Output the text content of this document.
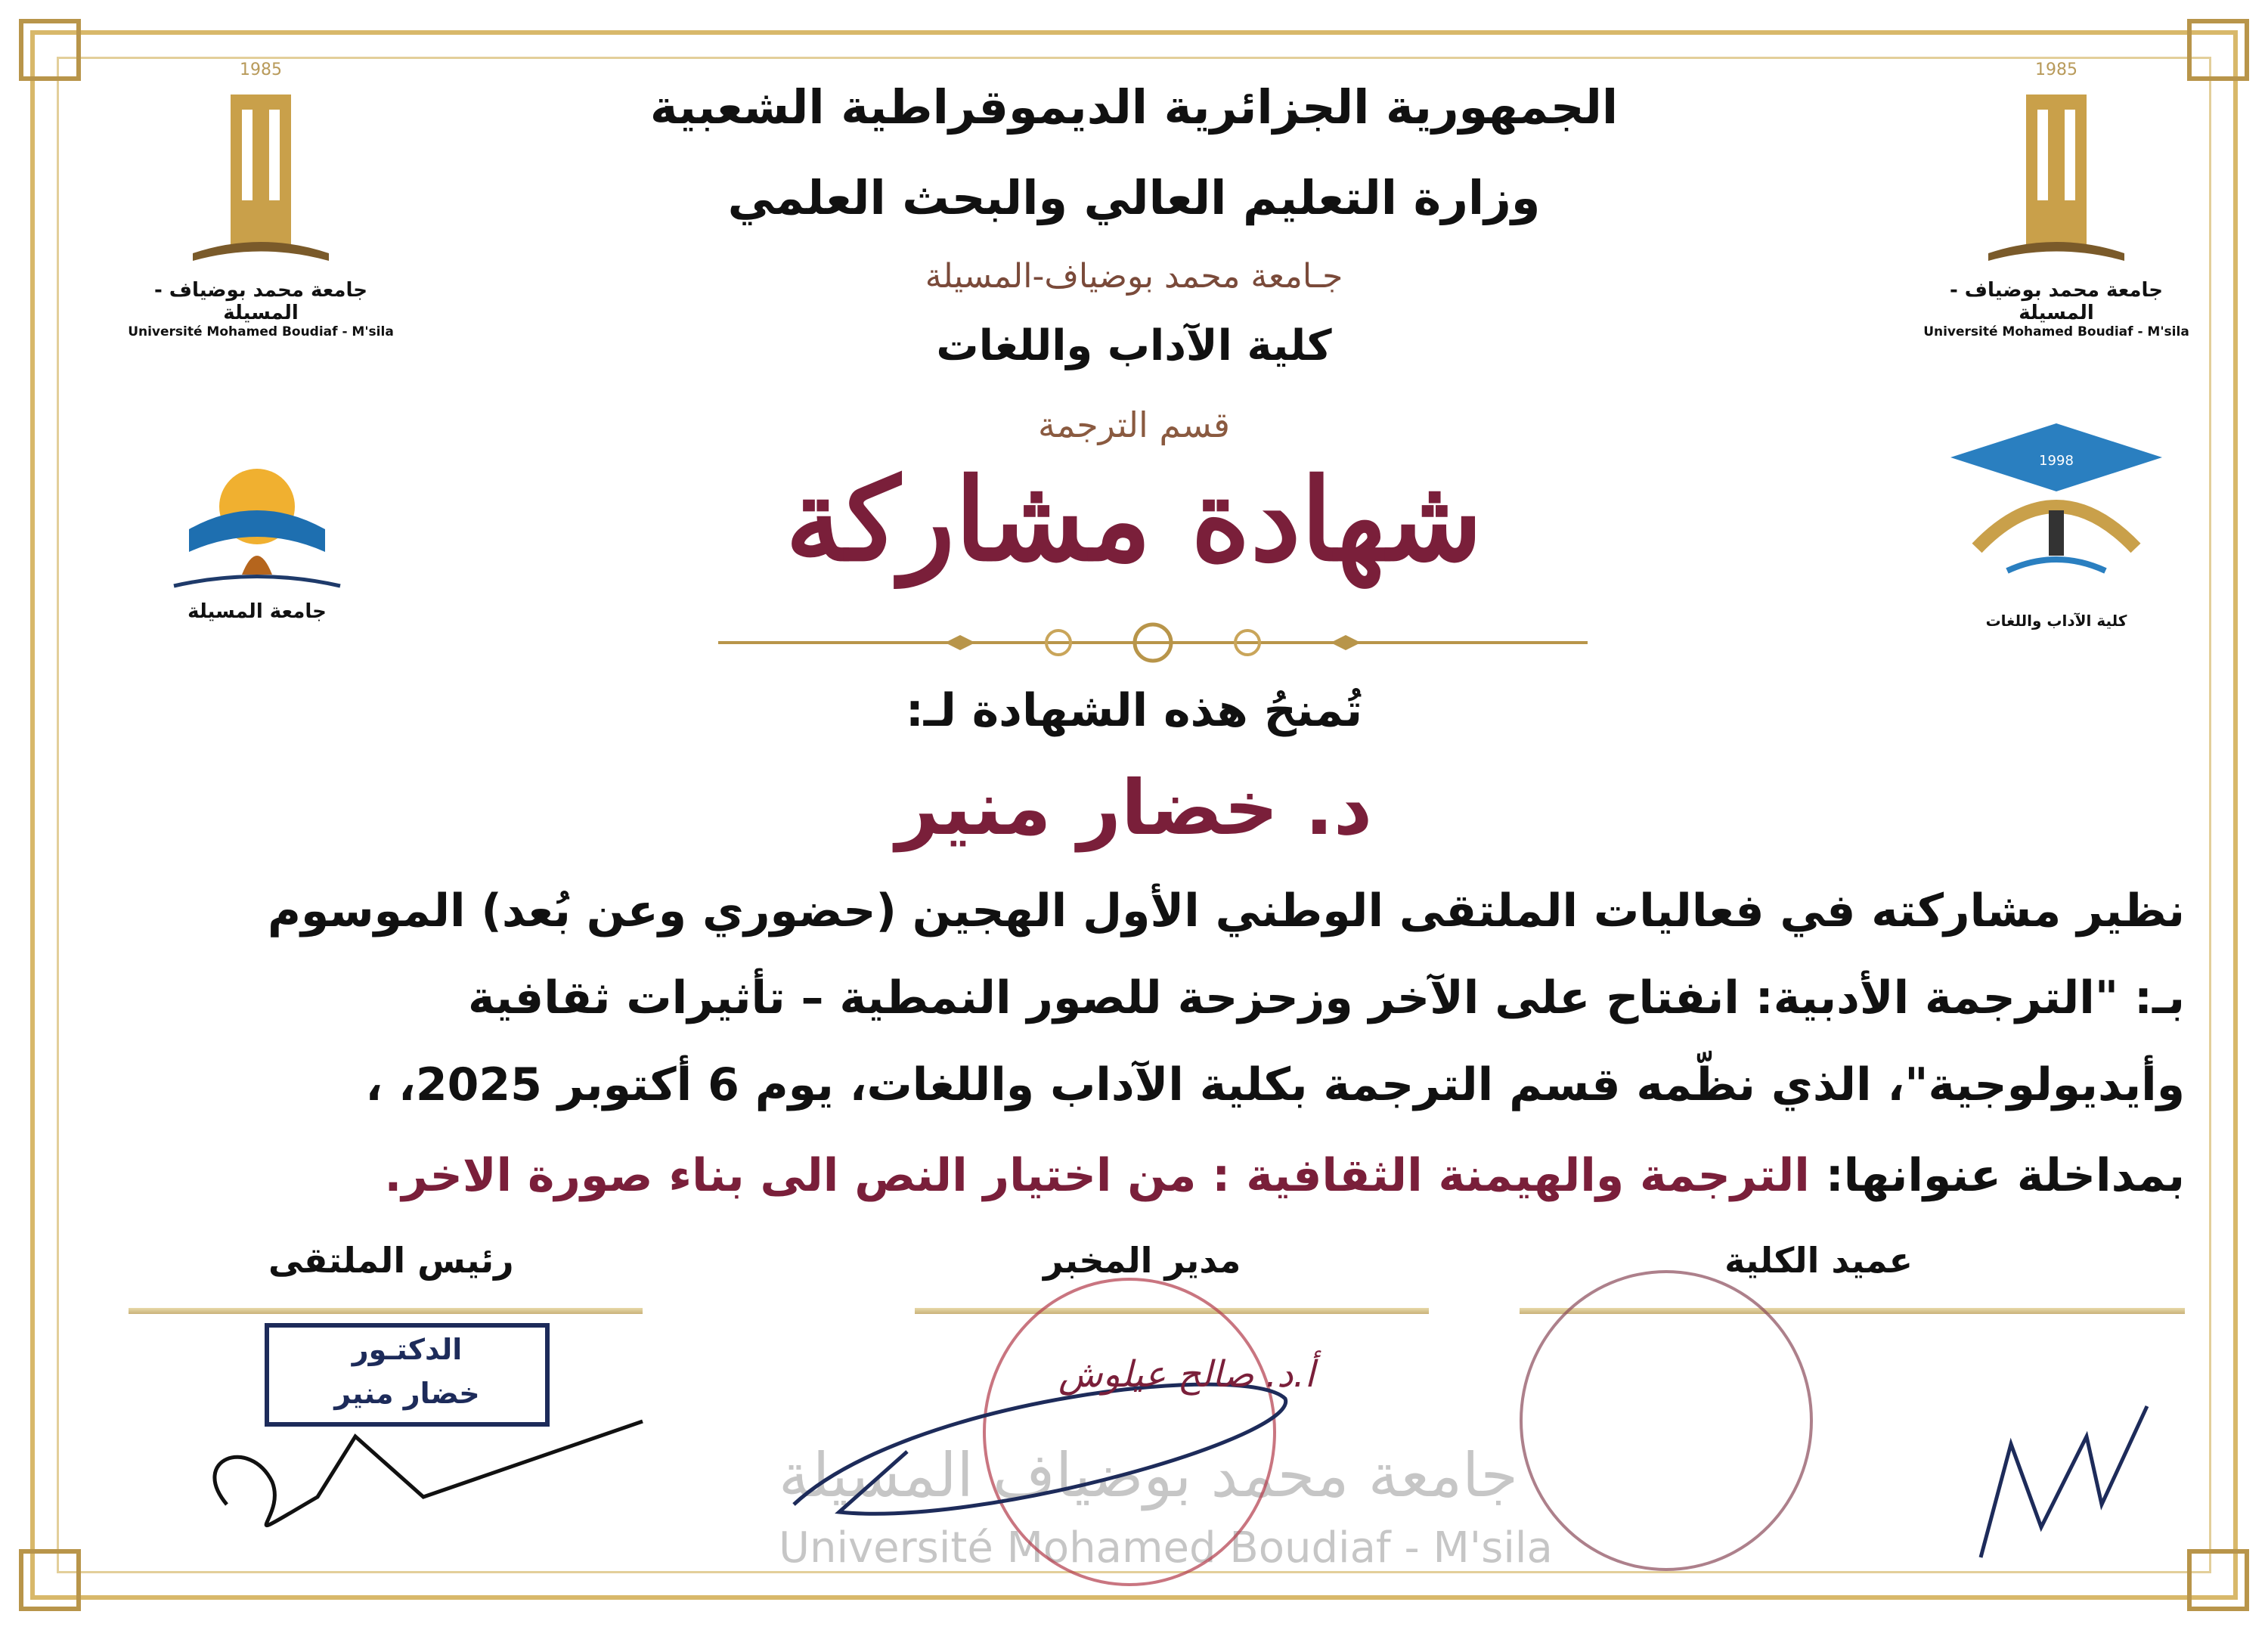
جامعة محمد بوضياف المسيلة
Université Mohamed Boudiaf - M'sila
الجمهورية الجزائرية الديموقراطية الشعبية
وزارة التعليم العالي والبحث العلمي
جـامعة محمد بوضياف-المسيلة
كلية الآداب واللغات
قسم الترجمة
1985
جامعة محمد بوضياف - المسيلة
Université Mohamed Boudiaf - M'sila
1985
جامعة محمد بوضياف - المسيلة
Université Mohamed Boudiaf - M'sila
جامعة المسيلة
1998
كلية الآداب واللغات
شهادة مشاركة
تُمنحُ هذه الشهادة لـ:
د. خضار منير
نظير مشاركته في فعاليات الملتقى الوطني الأول الهجين (حضوري وعن بُعد) الموسوم
بـ: "الترجمة الأدبية: انفتاح على الآخر وزحزحة للصور النمطية – تأثيرات ثقافية
وأيديولوجية"، الذي نظّمه قسم الترجمة بكلية الآداب واللغات، يوم 6 أكتوبر 2025، ،
بمداخلة عنوانها: الترجمة والهيمنة الثقافية : من اختيار النص الى بناء صورة الاخر.
عميد الكلية
مدير المخبر
رئيس الملتقى
الدكتـور
خضار منير	أ.د. صالح عيلوش
